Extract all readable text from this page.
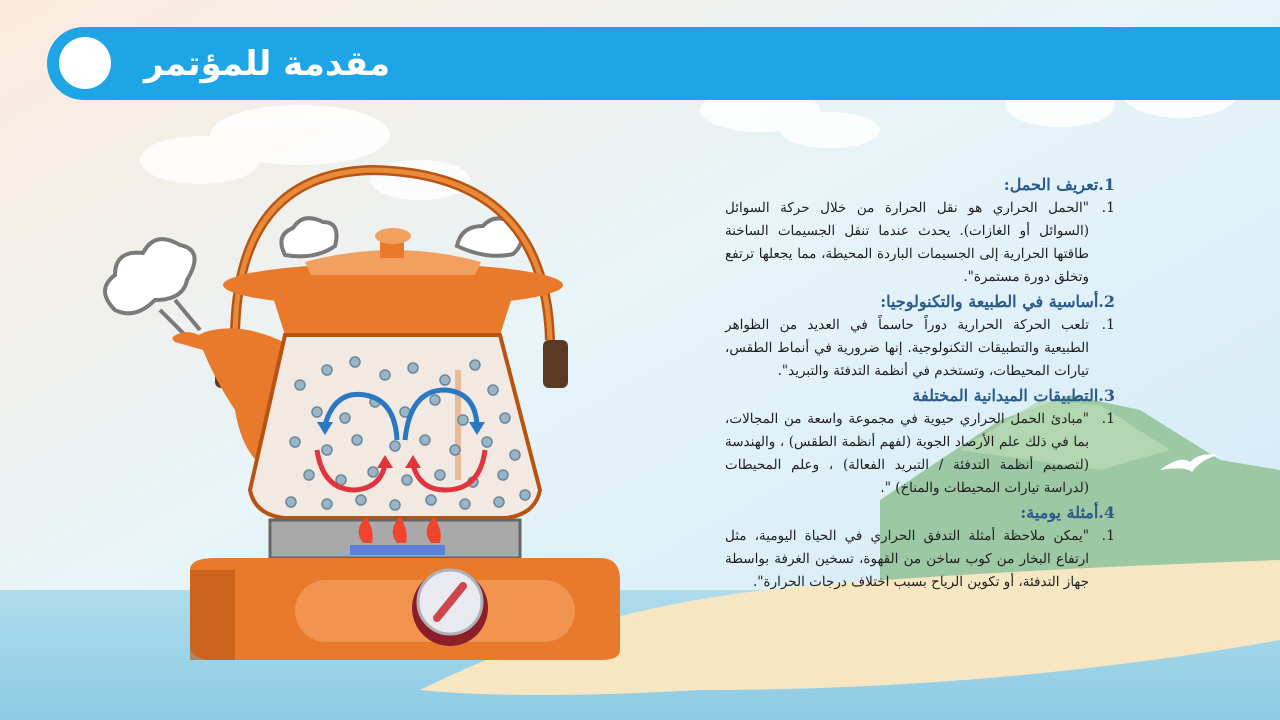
مقدمة للمؤتمر
1.تعريف الحمل:
1.
"الحمل الحراري هو نقل الحرارة من خلال حركة السوائل (السوائل أو الغازات). يحدث عندما تنقل الجسيمات الساخنة طاقتها الحرارية إلى الجسيمات الباردة المحيطة، مما يجعلها ترتفع وتخلق دورة مستمرة".
2.أساسية في الطبيعة والتكنولوجيا:
1.
تلعب الحركة الحرارية دوراً حاسماً في العديد من الظواهر الطبيعية والتطبيقات التكنولوجية. إنها ضرورية في أنماط الطقس، تيارات المحيطات، وتستخدم في أنظمة التدفئة والتبريد".
3.التطبيقات الميدانية المختلفة
1.
"مبادئ الحمل الحراري حيوية في مجموعة واسعة من المجالات، بما في ذلك علم الأرصاد الجوية (لفهم أنظمة الطقس) ، والهندسة (لتصميم أنظمة التدفئة / التبريد الفعالة) ، وعلم المحيطات (لدراسة تيارات المحيطات والمناخ) ".
4.أمثلة يومية:
1.
"يمكن ملاحظة أمثلة التدفق الحراري في الحياة اليومية، مثل ارتفاع البخار من كوب ساخن من القهوة، تسخين الغرفة بواسطة جهاز التدفئة، أو تكوين الرياح بسبب اختلاف درجات الحرارة".
